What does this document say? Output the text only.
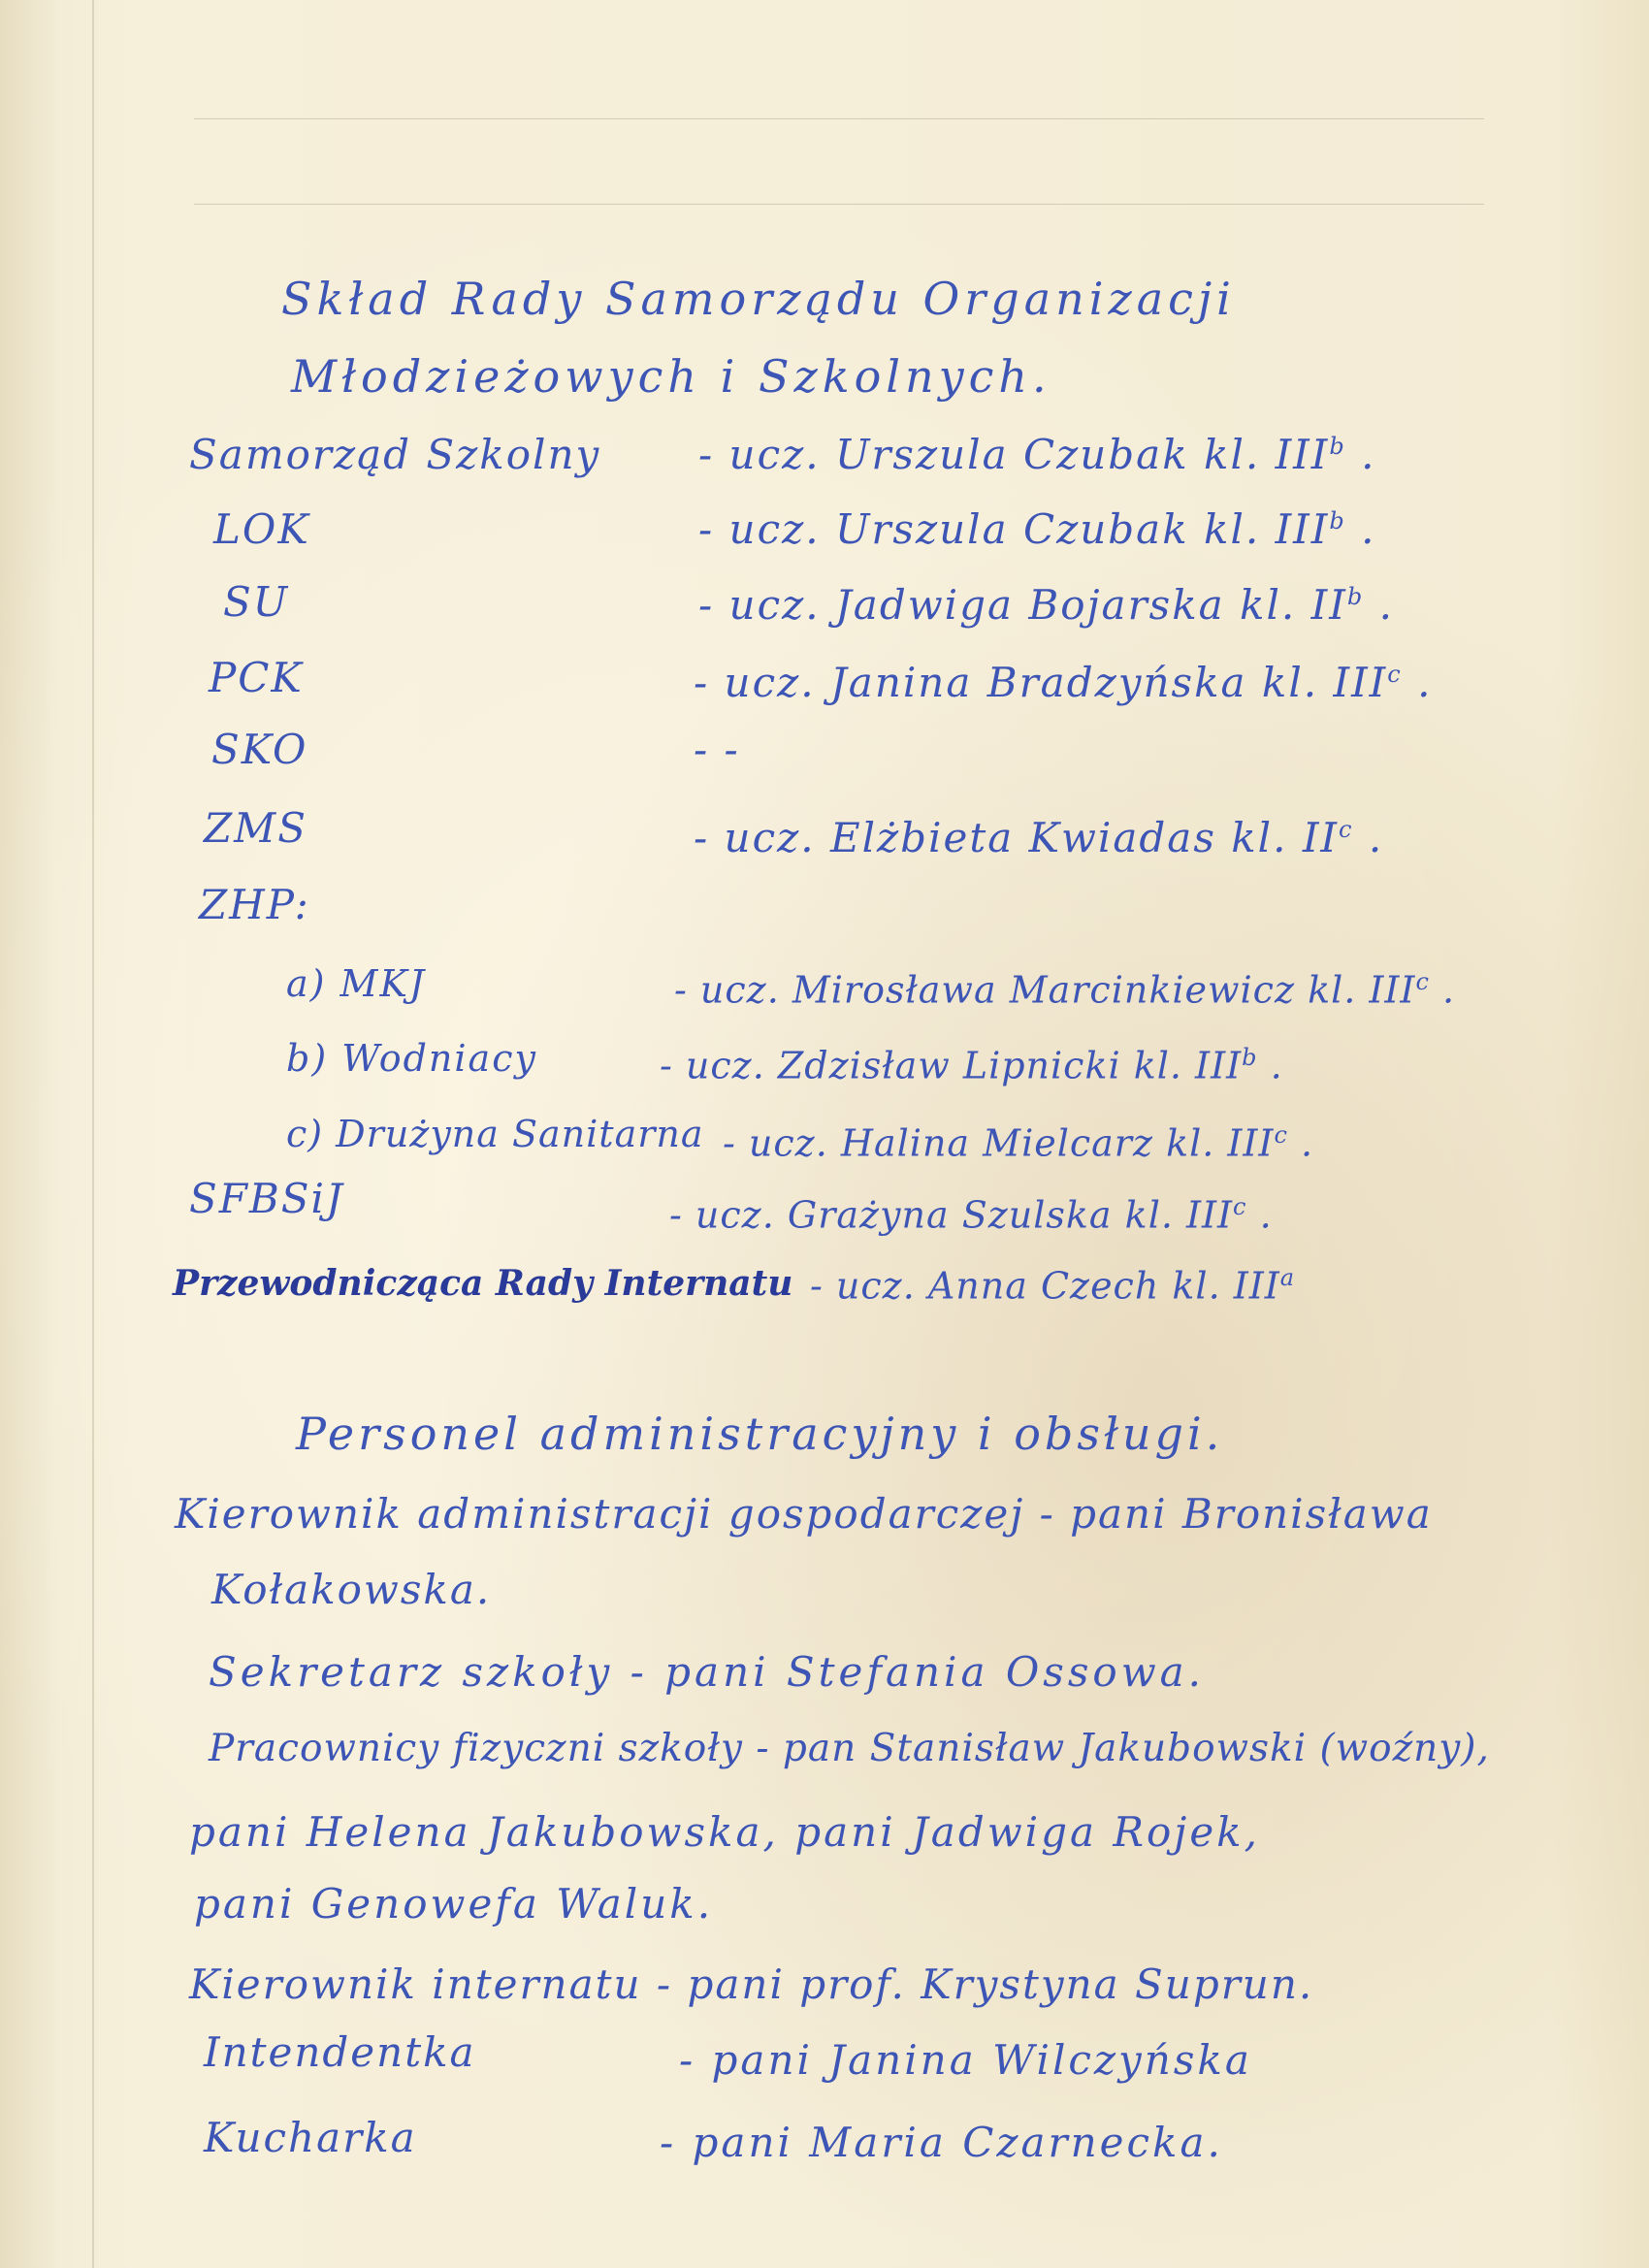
Skład Rady Samorządu Organizacji
Młodzieżowych i Szkolnych.
Samorząd Szkolny - ucz. Urszula Czubak kl. III$^b$ .
LOK	- ucz. Urszula Czubak kl. III$^b$ .
SU	- ucz. Jadwiga Bojarska kl. $II^b$ .
PCK	- ucz. Janina Bradzyńska kl. III$^c$ .
SKO	- -
ZMS	- ucz. Elżbieta Kwiadas kl. $II^c$ .
ZHP:
a) MKJ	- ucz. Mirosława Marcinkiewicz kl. III$^c$ .
b) Wodniacy	- ucz. Zdzisław Lipnicki kl. III$^b$ .
c) Drużyna Sanitarna - ucz. Halina Mielcarz kl. III$^c$ .
SFBSiJ	- ucz. Grażyna Szulska kl. III$^c$ .
Przewodnicząca Rady Internatu - ucz. Anna Czech kl. III$^a$
Personel administracyjny i obsługi.
Kierownik administracji gospodarczej - pani Bronisława
Kołakowska.
Sekretarz szkoły - pani Stefania Ossowa.
Pracownicy fizyczni szkoły - pan Stanisław Jakubowski (woźny),
pani Helena Jakubowska, pani Jadwiga Rojek,
pani Genowefa Waluk.
Kierownik internatu - pani prof. Krystyna Suprun.
Intendentka	- pani Janina Wilczyńska
Kucharka	- pani Maria Czarnecka.
